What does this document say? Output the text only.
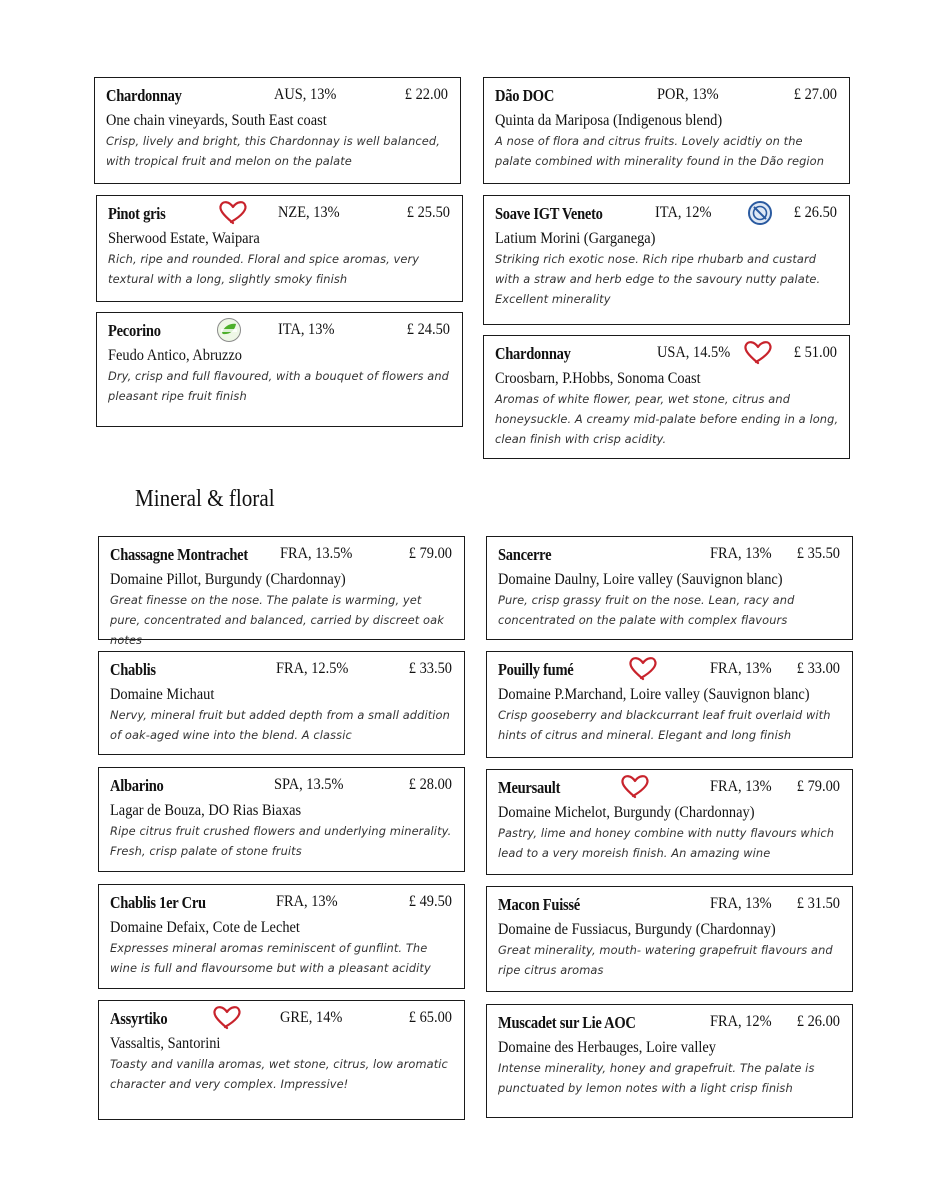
Mineral & floral
Chardonnay	AUS, 13%	£ 22.00
One chain vineyards, South East coast
Crisp, lively and bright, this Chardonnay is well balanced, with tropical fruit and melon on the palate
Pinot gris	NZE, 13%	£ 25.50
Sherwood Estate, Waipara
Rich, ripe and rounded. Floral and spice aromas, very textural with a long, slightly smoky finish
Pecorino	ITA, 13%	£ 24.50
Feudo Antico, Abruzzo
Dry, crisp and full flavoured, with a bouquet of flowers and pleasant ripe fruit finish
Dão DOC	POR, 13%	£ 27.00
Quinta da Mariposa (Indigenous blend)
A nose of flora and citrus fruits. Lovely acidtiy on the palate combined with minerality found in the Dão region
Soave IGT Veneto	ITA, 12%	£ 26.50
Latium Morini (Garganega)
Striking rich exotic nose. Rich ripe rhubarb and custard with a straw and herb edge to the savoury nutty palate. Excellent minerality
Chardonnay	USA, 14.5%	£ 51.00
Croosbarn, P.Hobbs, Sonoma Coast
Aromas of white flower, pear, wet stone, citrus and honeysuckle. A creamy mid-palate before ending in a long, clean finish with crisp acidity.
Chassagne Montrachet FRA, 13.5%	£ 79.00
Domaine Pillot, Burgundy (Chardonnay)
Great finesse on the nose. The palate is warming, yet pure, concentrated and balanced, carried by discreet oak notes
Chablis	FRA, 12.5%	£ 33.50
Domaine Michaut
Nervy, mineral fruit but added depth from a small addition of oak-aged wine into the blend. A classic
Albarino	SPA, 13.5%	£ 28.00
Lagar de Bouza, DO Rias Biaxas
Ripe citrus fruit crushed flowers and underlying minerality. Fresh, crisp palate of stone fruits
Chablis 1er Cru	FRA, 13%	£ 49.50
Domaine Defaix, Cote de Lechet
Expresses mineral aromas reminiscent of gunflint. The wine is full and flavoursome but with a pleasant acidity
Assyrtiko	GRE, 14%	£ 65.00
Vassaltis, Santorini
Toasty and vanilla aromas, wet stone, citrus, low aromatic character and very complex. Impressive!
Sancerre	FRA, 13% £ 35.50
Domaine Daulny, Loire valley (Sauvignon blanc)
Pure, crisp grassy fruit on the nose. Lean, racy and concentrated on the palate with complex flavours
Pouilly fumé	FRA, 13% £ 33.00
Domaine P.Marchand, Loire valley (Sauvignon blanc)
Crisp gooseberry and blackcurrant leaf fruit overlaid with hints of citrus and mineral. Elegant and long finish
Meursault	FRA, 13% £ 79.00
Domaine Michelot, Burgundy (Chardonnay)
Pastry, lime and honey combine with nutty flavours which lead to a very moreish finish. An amazing wine
Macon Fuissé	FRA, 13% £ 31.50
Domaine de Fussiacus, Burgundy (Chardonnay)
Great minerality, mouth- watering grapefruit flavours and ripe citrus aromas
Muscadet sur Lie AOC	FRA, 12% £ 26.00
Domaine des Herbauges, Loire valley
Intense minerality, honey and grapefruit. The palate is punctuated by lemon notes with a light crisp finish
